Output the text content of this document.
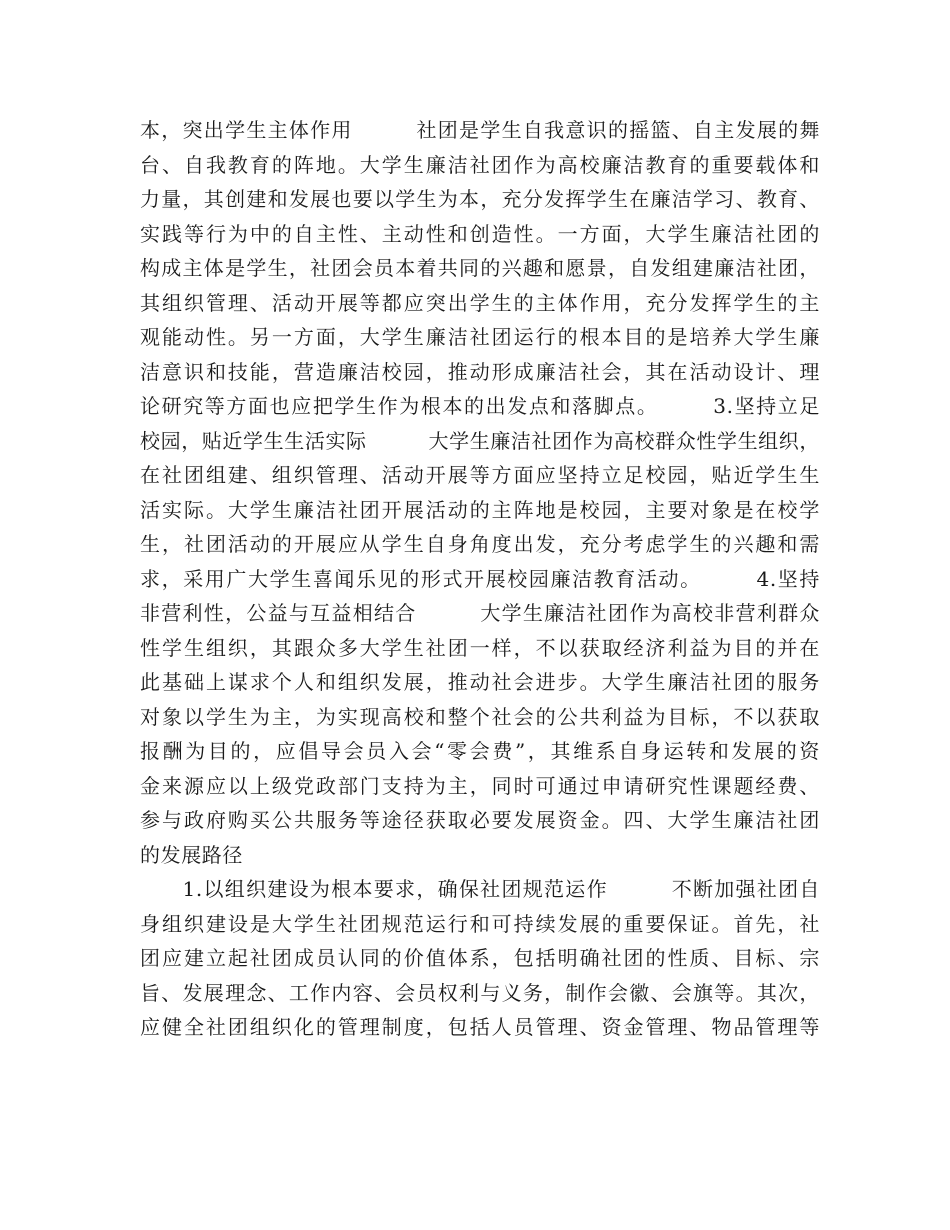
本，突出学生主体作用　　　社团是学生自我意识的摇篮、自主发展的舞
台、自我教育的阵地。大学生廉洁社团作为高校廉洁教育的重要载体和
力量，其创建和发展也要以学生为本，充分发挥学生在廉洁学习、教育、
实践等行为中的自主性、主动性和创造性。一方面，大学生廉洁社团的
构成主体是学生，社团会员本着共同的兴趣和愿景，自发组建廉洁社团，
其组织管理、活动开展等都应突出学生的主体作用，充分发挥学生的主
观能动性。另一方面，大学生廉洁社团运行的根本目的是培养大学生廉
洁意识和技能，营造廉洁校园，推动形成廉洁社会，其在活动设计、理
论研究等方面也应把学生作为根本的出发点和落脚点。　　　3.坚持立足
校园，贴近学生生活实际　　　大学生廉洁社团作为高校群众性学生组织，
在社团组建、组织管理、活动开展等方面应坚持立足校园，贴近学生生
活实际。大学生廉洁社团开展活动的主阵地是校园，主要对象是在校学
生，社团活动的开展应从学生自身角度出发，充分考虑学生的兴趣和需
求，采用广大学生喜闻乐见的形式开展校园廉洁教育活动。　　　4.坚持
非营利性，公益与互益相结合　　　大学生廉洁社团作为高校非营利群众
性学生组织，其跟众多大学生社团一样，不以获取经济利益为目的并在
此基础上谋求个人和组织发展，推动社会进步。大学生廉洁社团的服务
对象以学生为主，为实现高校和整个社会的公共利益为目标，不以获取
报酬为目的，应倡导会员入会“零会费”，其维系自身运转和发展的资
金来源应以上级党政部门支持为主，同时可通过申请研究性课题经费、
参与政府购买公共服务等途径获取必要发展资金。四、大学生廉洁社团
的发展路径
　　1.以组织建设为根本要求，确保社团规范运作　　　不断加强社团自
身组织建设是大学生社团规范运行和可持续发展的重要保证。首先，社
团应建立起社团成员认同的价值体系，包括明确社团的性质、目标、宗
旨、发展理念、工作内容、会员权利与义务，制作会徽、会旗等。其次，
应健全社团组织化的管理制度，包括人员管理、资金管理、物品管理等
